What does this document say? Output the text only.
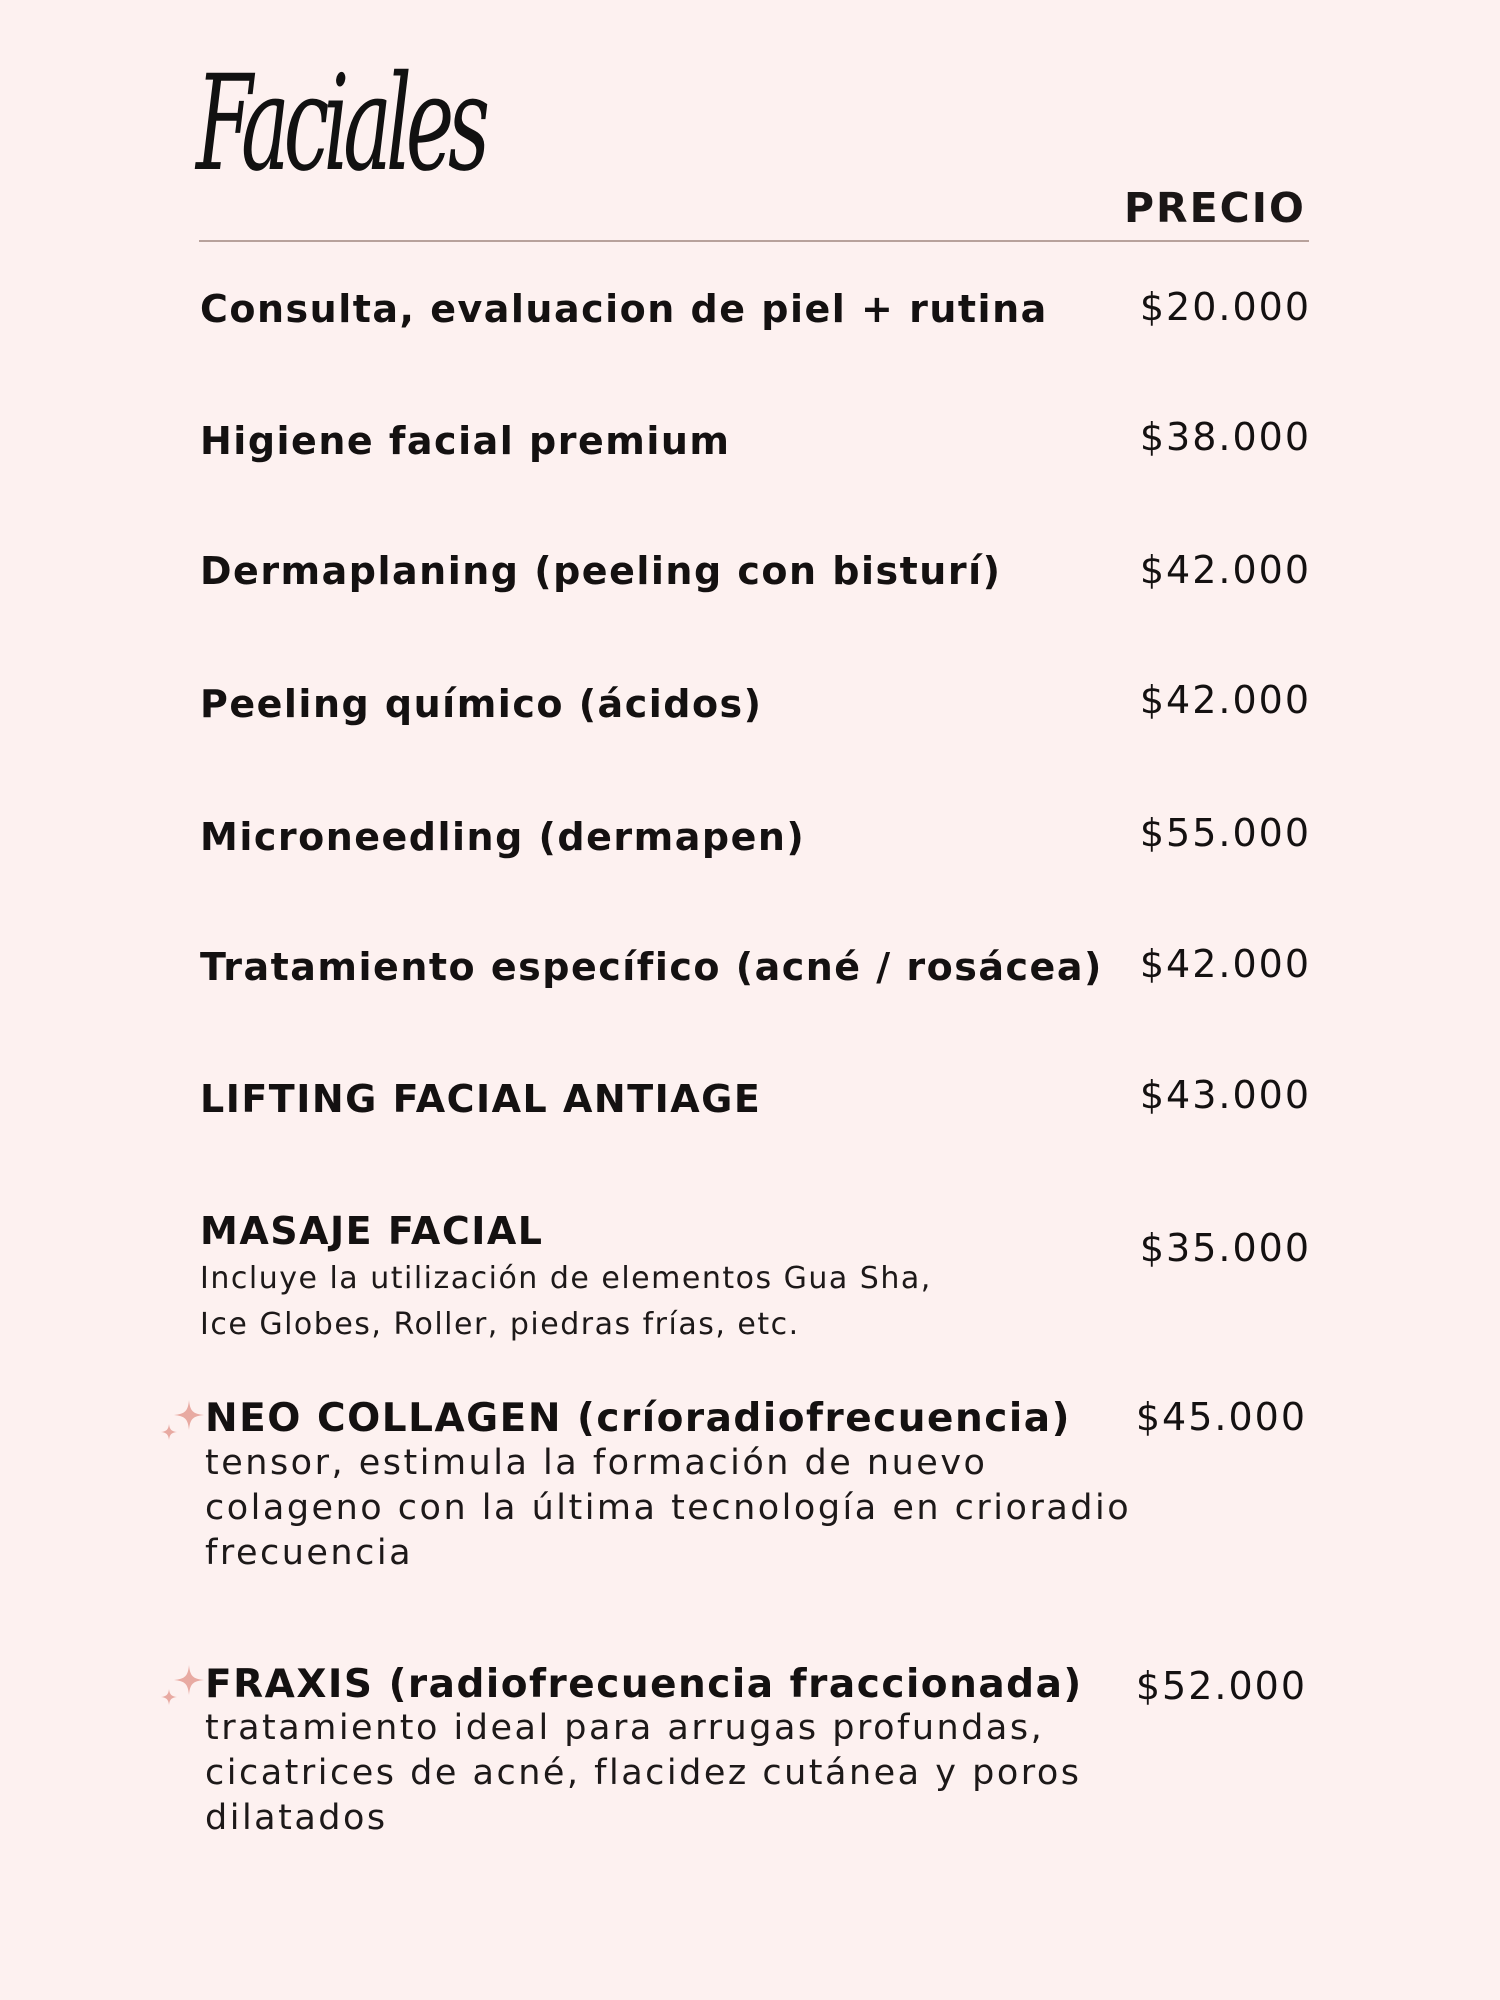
Faciales
PRECIO
Consulta, evaluacion de piel + rutina $20.000
Higiene facial premium	$38.000
Dermaplaning (peeling con bisturí)	$42.000
Peeling químico (ácidos)	$42.000
Microneedling (dermapen)	$55.000
Tratamiento específico (acné / rosácea) $42.000
LIFTING FACIAL ANTIAGE	$43.000
MASAJE FACIAL	$35.000
Incluye la utilización de elementos Gua Sha,
Ice Globes, Roller, piedras frías, etc.
NEO COLLAGEN (críoradiofrecuencia) $45.000
tensor, estimula la formación de nuevo
colageno con la última tecnología en crioradio
frecuencia
FRAXIS (radiofrecuencia fraccionada) $52.000
tratamiento ideal para arrugas profundas,
cicatrices de acné, flacidez cutánea y poros
dilatados
